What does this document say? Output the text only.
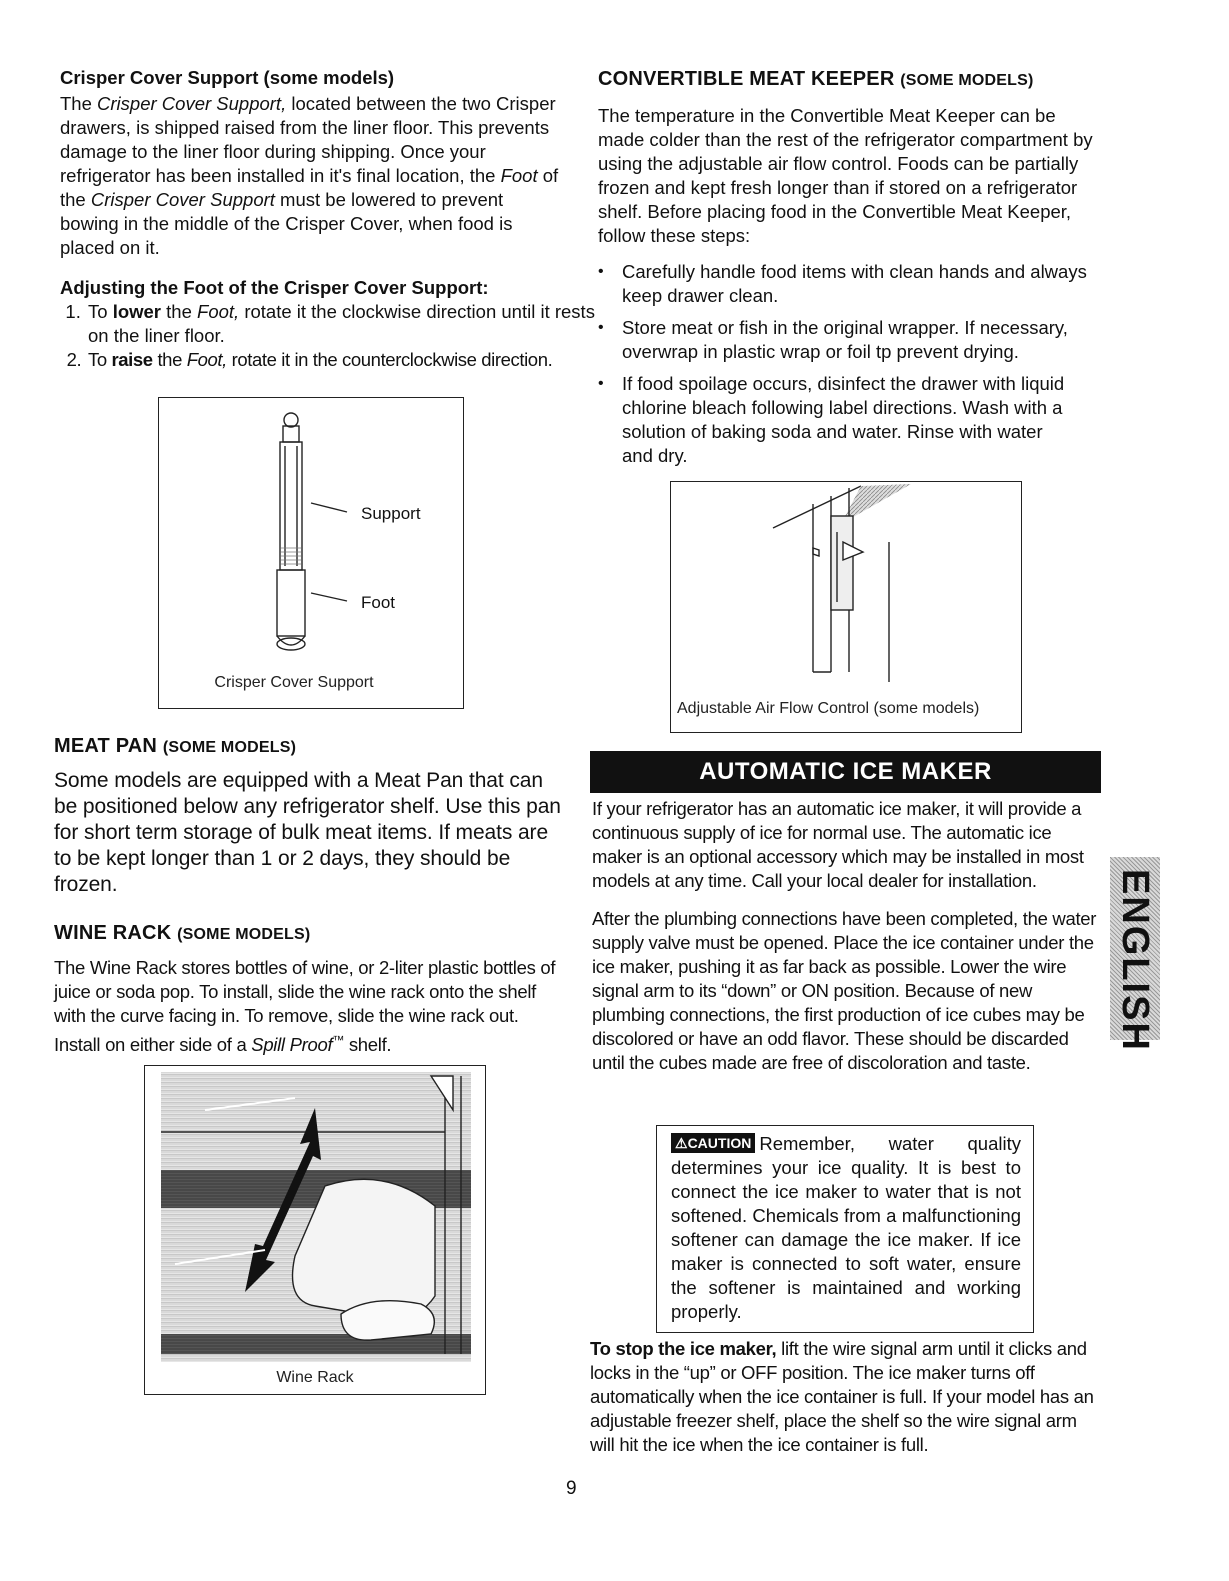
Crisper Cover Support (some models)

The Crisper Cover Support, located between the two Crisper drawers, is shipped raised from the liner floor. This prevents damage to the liner floor during shipping. Once your refrigerator has been installed in it's final location, the Foot of the Crisper Cover Support must be lowered to prevent bowing in the middle of the Crisper Cover, when food is placed on it.

Adjusting the Foot of the Crisper Cover Support:
1. To lower the Foot, rotate it the clockwise direction until it rests on the liner floor.
2. To raise the Foot, rotate it in the counterclockwise direction.
Support
Foot
Crisper Cover Support
MEAT PAN (SOME MODELS)

Some models are equipped with a Meat Pan that can be positioned below any refrigerator shelf. Use this pan for short term storage of bulk meat items. If meats are to be kept longer than 1 or 2 days, they should be frozen.

WINE RACK (SOME MODELS)

The Wine Rack stores bottles of wine, or 2-liter plastic bottles of juice or soda pop. To install, slide the wine rack onto the shelf with the curve facing in. To remove, slide the wine rack out. Install on either side of a Spill Proof™ shelf.

Wine Rack
CONVERTIBLE MEAT KEEPER (SOME MODELS)

The temperature in the Convertible Meat Keeper can be made colder than the rest of the refrigerator compartment by using the adjustable air flow control. Foods can be partially frozen and kept fresh longer than if stored on a refrigerator shelf. Before placing food in the Convertible Meat Keeper, follow these steps:

• Carefully handle food items with clean hands and always keep drawer clean.
• Store meat or fish in the original wrapper. If necessary, overwrap in plastic wrap or foil tp prevent drying.
• If food spoilage occurs, disinfect the drawer with liquid chlorine bleach following label directions. Wash with a solution of baking soda and water. Rinse with water and dry.
Adjustable Air Flow Control (some models)
AUTOMATIC ICE MAKER

If your refrigerator has an automatic ice maker, it will provide a continuous supply of ice for normal use. The automatic ice maker is an optional accessory which may be installed in most models at any time. Call your local dealer for installation.

After the plumbing connections have been completed, the water supply valve must be opened. Place the ice container under the ice maker, pushing it as far back as possible. Lower the wire signal arm to its “down” or ON position. Because of new plumbing connections, the first production of ice cubes may be discolored or have an odd flavor. These should be discarded until the cubes made are free of discoloration and taste.

⚠CAUTION Remember, water quality determines your ice quality. It is best to connect the ice maker to water that is not softened. Chemicals from a malfunctioning softener can damage the ice maker. If ice maker is connected to soft water, ensure the softener is maintained and working properly.

To stop the ice maker, lift the wire signal arm until it clicks and locks in the “up” or OFF position. The ice maker turns off automatically when the ice container is full. If your model has an adjustable freezer shelf, place the shelf so the wire signal arm will hit the ice when the ice container is full.

ENGLISH
9
